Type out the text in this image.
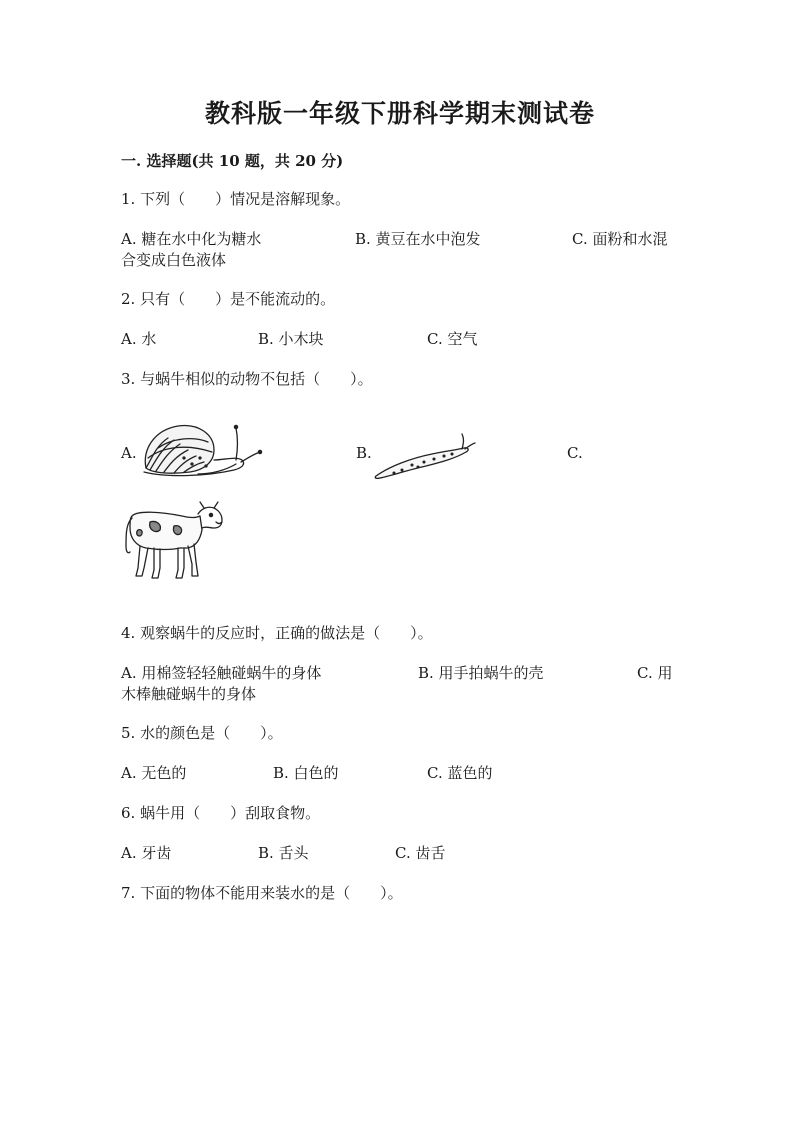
教科版一年级下册科学期末测试卷
一. 选择题(共 10 题，共 20 分)
1. 下列（　　）情况是溶解现象。
A. 糖在水中化为糖水	B. 黄豆在水中泡发	C. 面粉和水混
合变成白色液体
2. 只有（　　）是不能流动的。
A. 水	B. 小木块	C. 空气
3. 与蜗牛相似的动物不包括（　　）。
A.	B.	C.
4. 观察蜗牛的反应时，正确的做法是（　　）。
A. 用棉签轻轻触碰蜗牛的身体	B. 用手拍蜗牛的壳	C. 用
木棒触碰蜗牛的身体
5. 水的颜色是（　　）。
A. 无色的	B. 白色的	C. 蓝色的
6. 蜗牛用（　　）刮取食物。
A. 牙齿	B. 舌头	C. 齿舌
7. 下面的物体不能用来装水的是（　　）。
